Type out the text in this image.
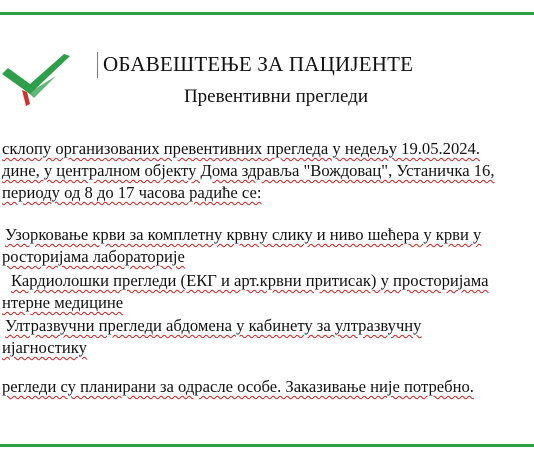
ОБАВЕШТЕЊЕ ЗА ПАЦИЈЕНТЕ
Превентивни прегледи
склопу организованих превентивних прегледа у недељу 19.05.2024.
дине, у централном објекту Дома здравља "Вождовац", Устаничка 16,
периоду од 8 до 17 часова радиће се:
Узорковање крви за комплетну крвну слику и ниво шећера у крви у
росторијама лабораторије
Кардиолошки прегледи (ЕКГ и арт.крвни притисак) у просторијама
нтерне медицине
Ултразвучни прегледи абдомена у кабинету за ултразвучну
ијагностику
регледи су планирани за одрасле особе. Заказивање није потребно.
